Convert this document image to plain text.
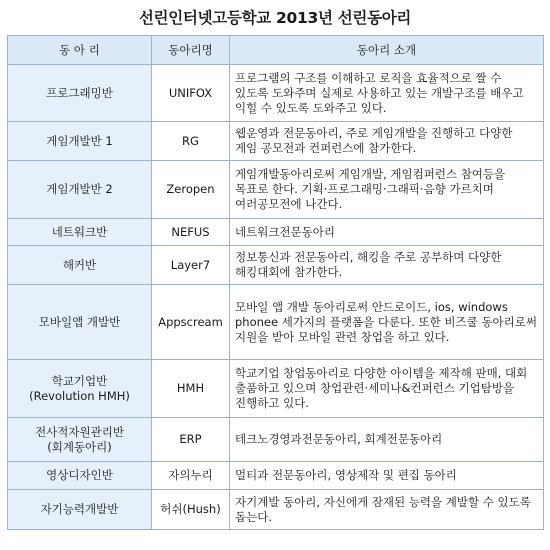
선린인터넷고등학교 2013년 선린동아리
동 아 리	동아리명	동아리 소개
프로그래밍반	UNIFOX	프로그램의 구조를 이해하고 로직을 효율적으로 짤 수 있도록 도와주며 실제로 사용하고 있는 개발구조를 배우고 익힐 수 있도록 도와주고 있다.
게임개발반 1	RG	웹운영과 전문동아리, 주로 게임개발을 진행하고 다양한 게임 공모전과 컨퍼런스에 참가한다.
게임개발반 2	Zeropen	게임개발동아리로써 게임개발, 게임컴퍼런스 참여등을 목표로 한다. 기획·프로그래밍·그래픽·음향 가르치며 여러공모전에 나간다.
네트워크반	NEFUS	네트워크전문동아리
해커반	Layer7	정보통신과 전문동아리, 해킹을 주로 공부하며 다양한 해킹대회에 참가한다.
모바일앱 개발반	Appscream	모바일 앱 개발 동아리로써 안드로이드, ios, windows phonee 세가지의 플랫폼을 다룬다. 또한 비즈쿨 동아리로써 지원을 받아 모바일 관련 창업을 하고 있다.

학교기업반
(Revolution HMH)	HMH	학교기업 창업동아리로 다양한 아이템을 제작해 판매, 대회 출품하고 있으며 창업관련·세미나&컨퍼런스 기업탐방을 진행하고 있다.

전사적자원관리반
(회계동아리)	ERP	테크노경영과전문동아리, 회계전문동아리
영상디자인반	자의누리	멀티과 전문동아리, 영상제작 및 편집 동아리
자기능력개발반	허쉬(Hush)	자기계발 동아리, 자신에게 잠재된 능력을 계발할 수 있도록 돕는다.
